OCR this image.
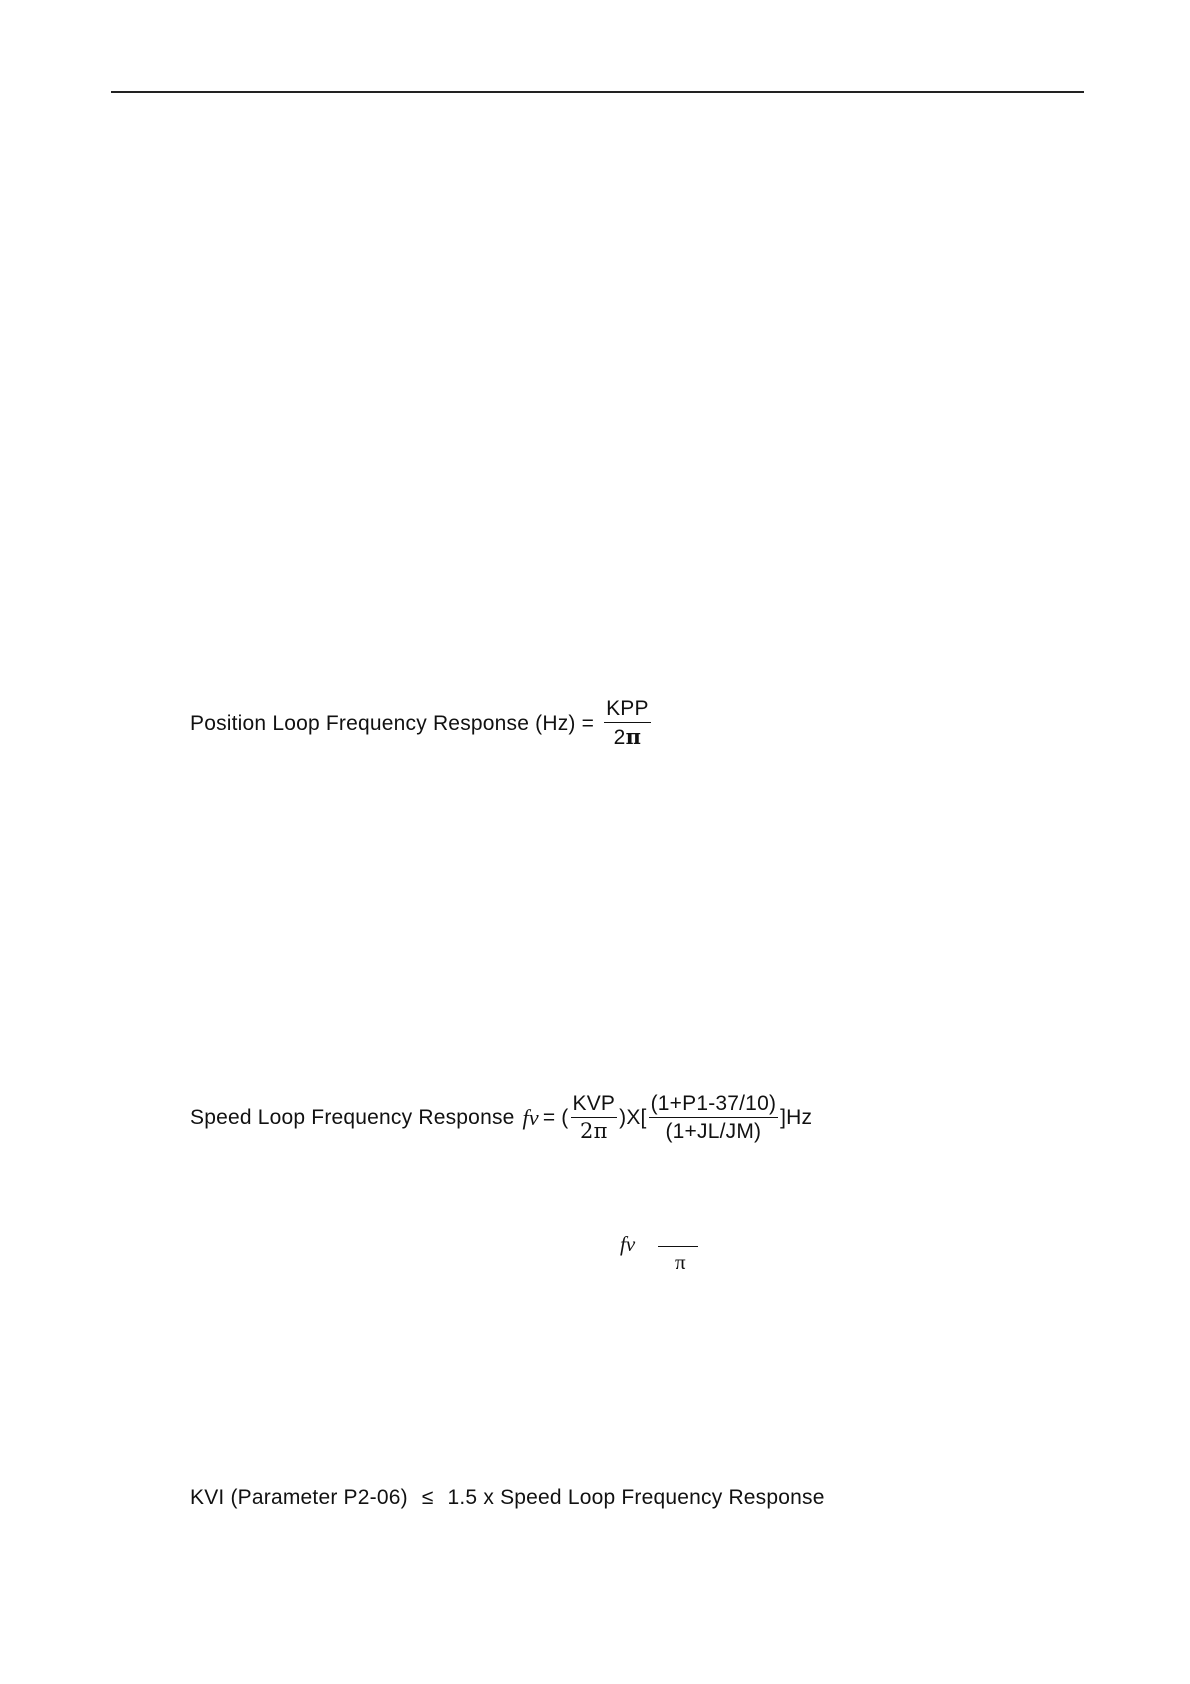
Position Loop Frequency Response $(Hz) = \frac{\text{KPP}}{2\pi}$
Speed Loop Frequency Response fv = ( $\frac{\text{KVP}}{2\pi} )X[ \frac{(1+P1-37/10)}{(1+JL/JM)} ]Hz$
fv
π
KVI (Parameter P2-06) ≤ 1.5 x Speed Loop Frequency Response
